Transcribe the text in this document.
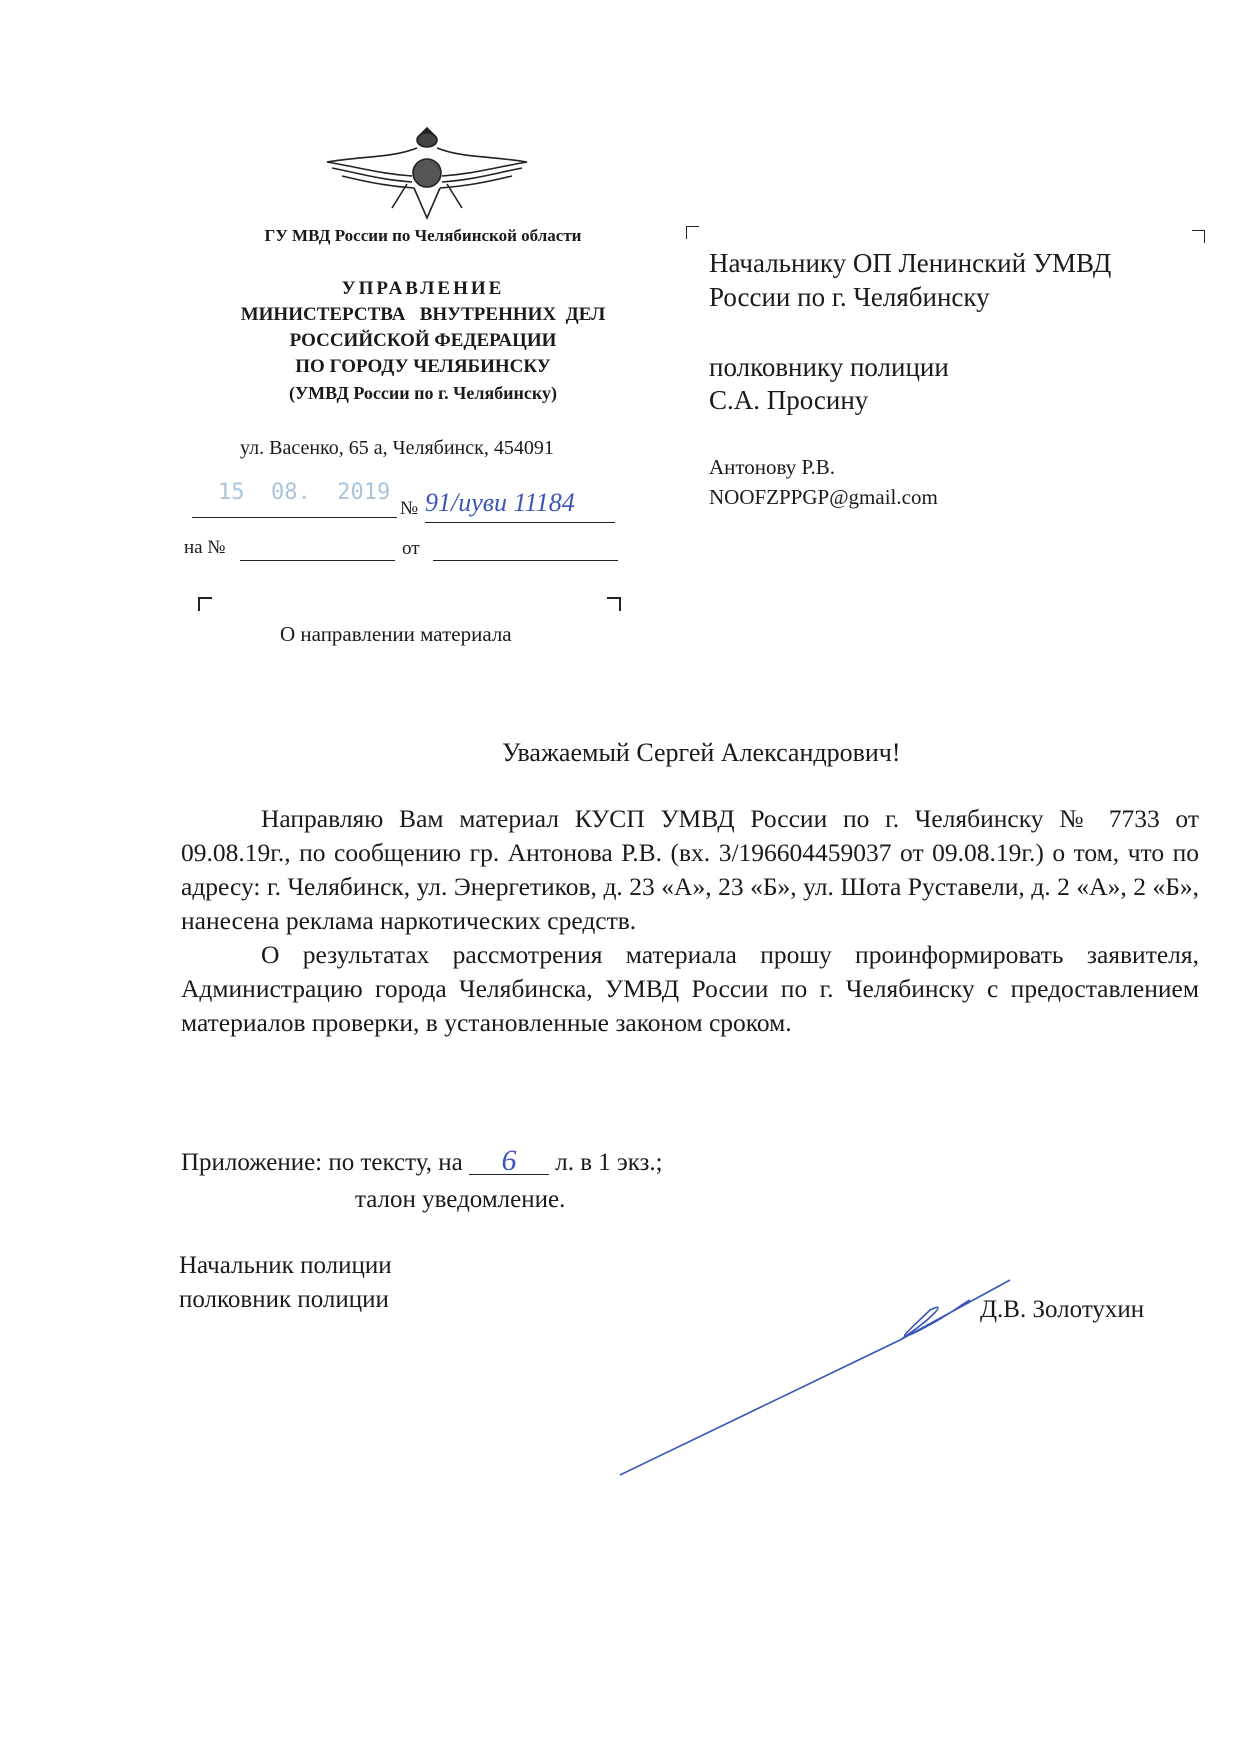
ГУ МВД России по Челябинской области
УПРАВЛЕНИЕ
МИНИСТЕРСТВА   ВНУТРЕННИХ  ДЕЛ
РОССИЙСКОЙ ФЕДЕРАЦИИ
ПО ГОРОДУ ЧЕЛЯБИНСКУ
(УМВД России по г. Челябинску)
ул. Васенко, 65 а, Челябинск, 454091
15  08.  2019
№ 91/иуви 11184
на №	от
О направлении материала
Начальнику ОП Ленинский УМВД
России по г. Челябинску
полковнику полиции
С.А. Просину
Антонову Р.В.
NOOFZPPGP@gmail.com
Уважаемый Сергей Александрович!

Направляю Вам материал КУСП УМВД России по г. Челябинску № 7733 от 09.08.19г., по сообщению гр. Антонова Р.В. (вх. 3/196604459037 от 09.08.19г.) о том, что по адресу: г. Челябинск, ул. Энергетиков, д. 23 «А», 23 «Б», ул. Шота Руставели, д. 2 «А», 2 «Б», нанесена реклама наркотических средств.

О результатах рассмотрения материала прошу проинформировать заявителя, Администрацию города Челябинска, УМВД России по г. Челябинску с предоставлением материалов проверки, в установленные законом сроком.

Приложение: по тексту, на 6 л. в 1 экз.;
талон уведомление.
Начальник полиции
полковник полиции	Д.В. Золотухин
